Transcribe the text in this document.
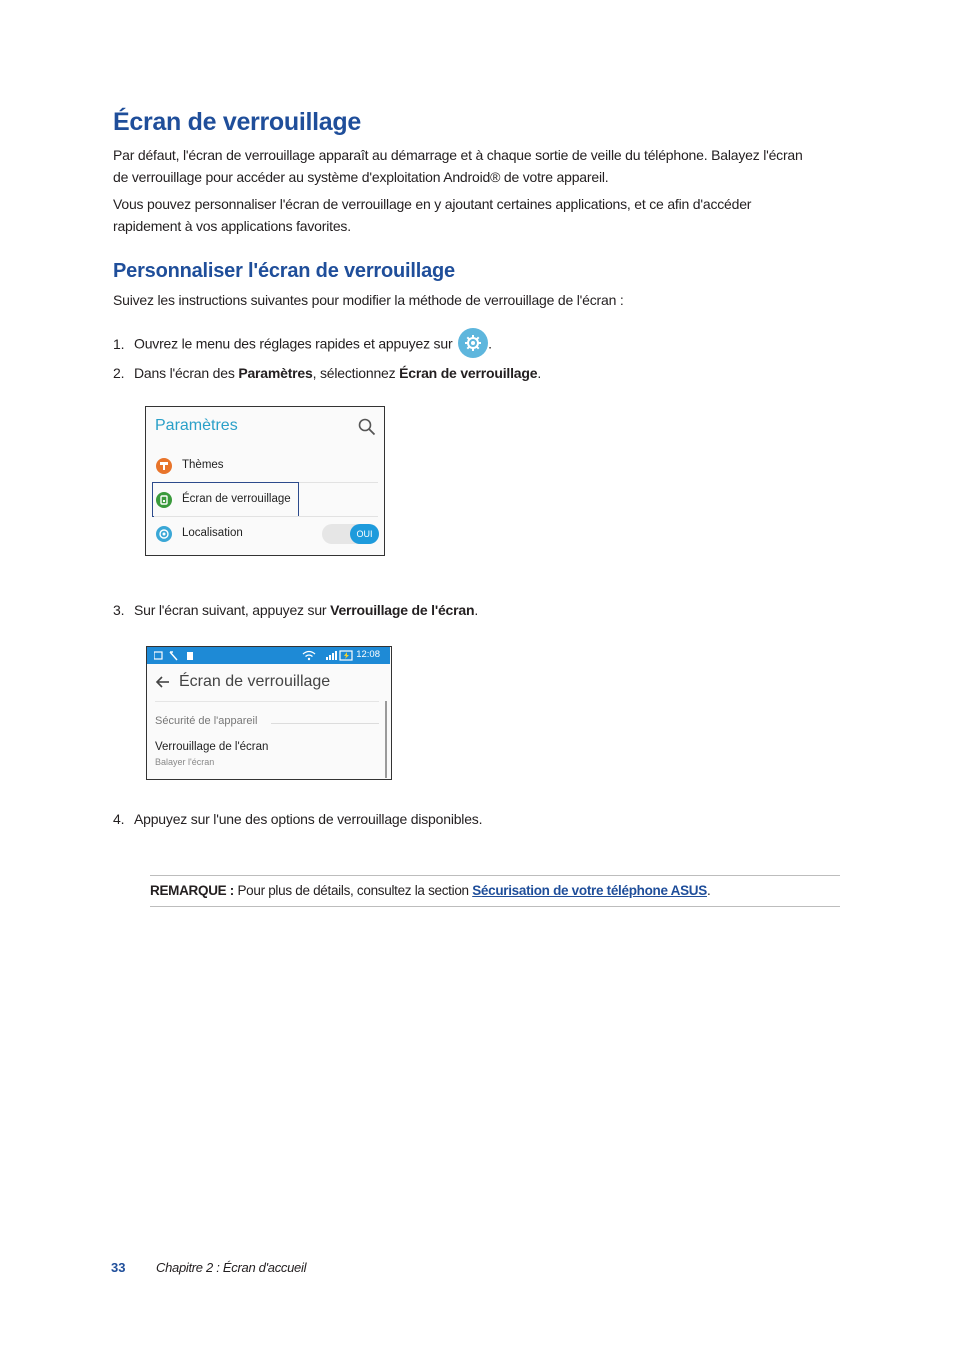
Écran de verrouillage

Par défaut, l'écran de verrouillage apparaît au démarrage et à chaque sortie de veille du téléphone. Balayez l'écran de verrouillage pour accéder au système d'exploitation Android® de votre appareil.

Vous pouvez personnaliser l'écran de verrouillage en y ajoutant certaines applications, et ce afin d'accéder rapidement à vos applications favorites.

Personnaliser l'écran de verrouillage

Suivez les instructions suivantes pour modifier la méthode de verrouillage de l'écran :

1. Ouvrez le menu des réglages rapides et appuyez sur	.
2. Dans l'écran des Paramètres, sélectionnez Écran de verrouillage.
Paramètres
Thèmes
Écran de verrouillage
Localisation	OUI
3. Sur l'écran suivant, appuyez sur Verrouillage de l'écran.
12:08
Écran de verrouillage
Sécurité de l'appareil
Verrouillage de l'écran
Balayer l'écran
4. Appuyez sur l'une des options de verrouillage disponibles.
REMARQUE : Pour plus de détails, consultez la section Sécurisation de votre téléphone ASUS.
33 Chapitre 2 : Écran d'accueil
